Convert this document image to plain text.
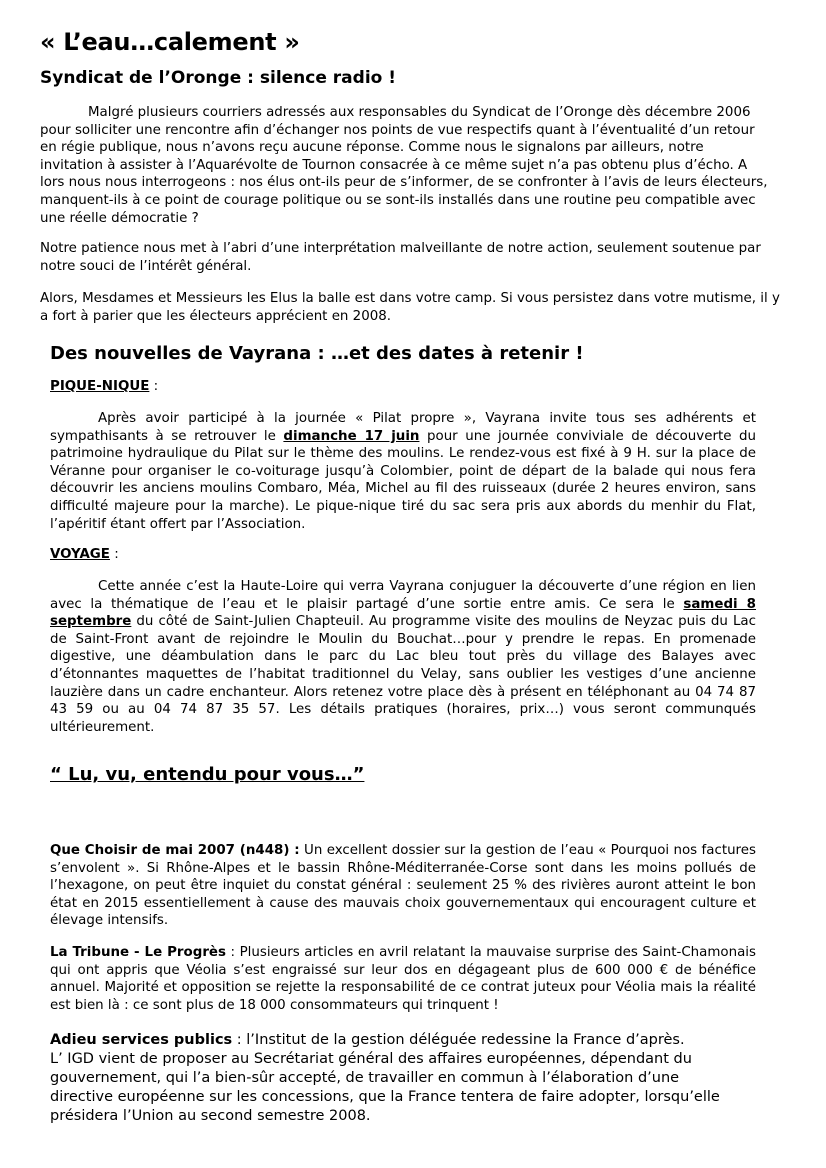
« L’eau…calement »
Syndicat de l’Oronge : silence radio !

Malgré plusieurs courriers adressés aux responsables du Syndicat de l’Oronge dès décembre 2006 pour solliciter une rencontre afin d’échanger nos points de vue respectifs quant à l’éventualité d’un retour en régie publique, nous n’avons reçu aucune réponse. Comme nous le signalons par ailleurs, notre invitation à assister à l’Aquarévolte de Tournon consacrée à ce même sujet n’a pas obtenu plus d’écho. A lors nous nous interrogeons : nos élus ont-ils peur de s’informer, de se confronter à l’avis de leurs électeurs, manquent-ils à ce point de courage politique ou se sont-ils installés dans une routine peu compatible avec une réelle démocratie ?

Notre patience nous met à l’abri d’une interprétation malveillante de notre action, seulement soutenue par notre souci de l’intérêt général.

Alors, Mesdames et Messieurs les Elus la balle est dans votre camp. Si vous persistez dans votre mutisme, il y a fort à parier que les électeurs apprécient en 2008.

Des nouvelles de Vayrana : …et des dates à retenir !
PIQUE-NIQUE :

Après avoir participé à la journée « Pilat propre », Vayrana invite tous ses adhérents et sympathisants à se retrouver le dimanche 17 juin pour une journée conviviale de découverte du patrimoine hydraulique du Pilat sur le thème des moulins. Le rendez-vous est fixé à 9 H. sur la place de Véranne pour organiser le co-voiturage jusqu’à Colombier, point de départ de la balade qui nous fera découvrir les anciens moulins Combaro, Méa, Michel au fil des ruisseaux (durée 2 heures environ, sans difficulté majeure pour la marche). Le pique-nique tiré du sac sera pris aux abords du menhir du Flat, l’apéritif étant offert par l’Association.

VOYAGE :

Cette année c’est la Haute-Loire qui verra Vayrana conjuguer la découverte d’une région en lien avec la thématique de l’eau et le plaisir partagé d’une sortie entre amis. Ce sera le samedi 8 septembre du côté de Saint-Julien Chapteuil. Au programme visite des moulins de Neyzac puis du Lac de Saint-Front avant de rejoindre le Moulin du Bouchat…pour y prendre le repas. En promenade digestive, une déambulation dans le parc du Lac bleu tout près du village des Balayes avec d’étonnantes maquettes de l’habitat traditionnel du Velay, sans oublier les vestiges d’une ancienne lauzière dans un cadre enchanteur. Alors retenez votre place dès à présent en téléphonant au 04 74 87 43 59 ou au 04 74 87 35 57. Les détails pratiques (horaires, prix…) vous seront communqués ultérieurement.

“ Lu, vu, entendu pour vous…”

Que Choisir de mai 2007 (n448) : Un excellent dossier sur la gestion de l’eau « Pourquoi nos factures s’envolent ». Si Rhône-Alpes et le bassin Rhône-Méditerranée-Corse sont dans les moins pollués de l’hexagone, on peut être inquiet du constat général : seulement 25 % des rivières auront atteint le bon état en 2015 essentiellement à cause des mauvais choix gouvernementaux qui encouragent culture et élevage intensifs.

La Tribune - Le Progrès : Plusieurs articles en avril relatant la mauvaise surprise des Saint-Chamonais qui ont appris que Véolia s’est engraissé sur leur dos en dégageant plus de 600 000 € de bénéfice annuel. Majorité et opposition se rejette la responsabilité de ce contrat juteux pour Véolia mais la réalité est bien là : ce sont plus de 18 000 consommateurs qui trinquent !

Adieu services publics : l’Institut de la gestion déléguée redessine la France d’après.

L’ IGD vient de proposer au Secrétariat général des affaires européennes, dépendant du gouvernement, qui l’a bien-sûr accepté, de travailler en commun à l’élaboration d’une directive européenne sur les concessions, que la France tentera de faire adopter, lorsqu’elle présidera l’Union au second semestre 2008.
